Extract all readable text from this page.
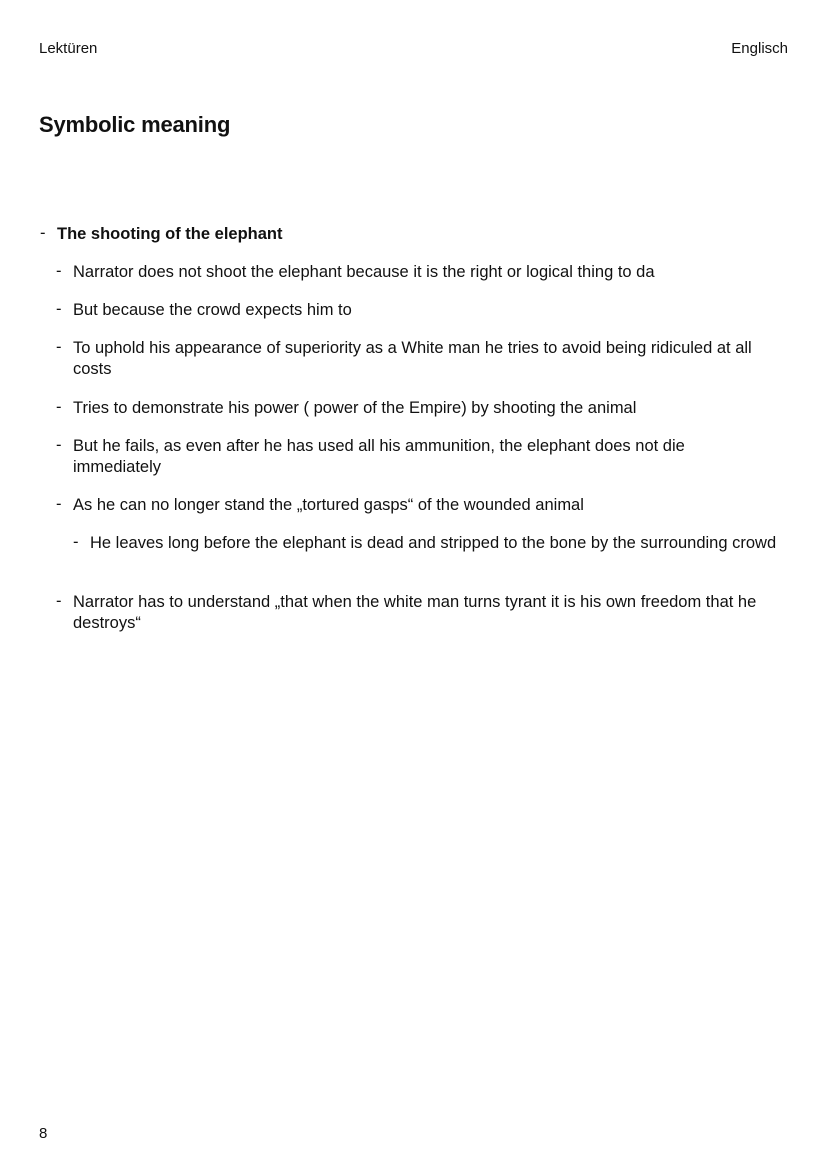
Lektüren	Englisch
Symbolic meaning
- The shooting of the elephant
- Narrator does not shoot the elephant because it is the right or logical thing to da
- But because the crowd expects him to
- To uphold his appearance of superiority as a White man he tries to avoid being ridiculed at all costs
- Tries to demonstrate his power ( power of the Empire) by shooting the animal
- But he fails, as even after he has used all his ammunition, the elephant does not die immediately
- As he can no longer stand the „tortured gasps“ of the wounded animal
- He leaves long before the elephant is dead and stripped to the bone by the surrounding crowd
- Narrator has to understand „that when the white man turns tyrant it is his own freedom that he destroys“
8
